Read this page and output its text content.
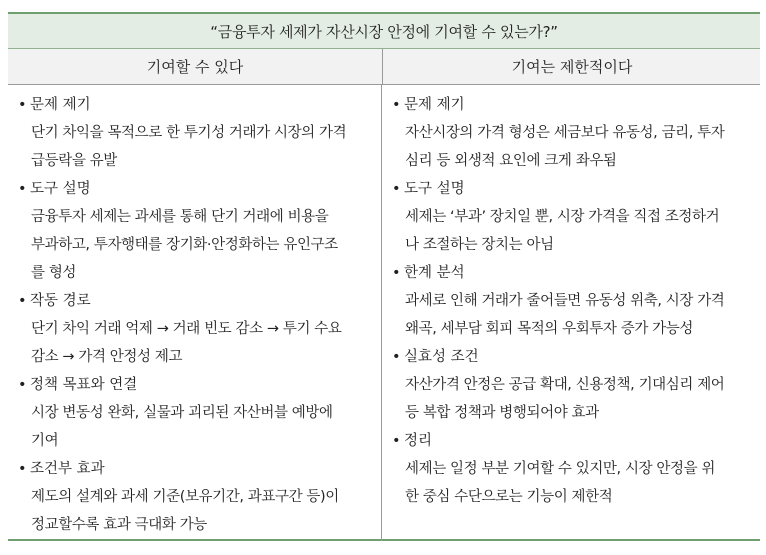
“금융투자 세제가 자산시장 안정에 기여할 수 있는가?”
기여할 수 있다	기여는 제한적이다
• 문제 제기
단기 차익을 목적으로 한 투기성 거래가 시장의 가격
급등락을 유발
• 도구 설명
금융투자 세제는 과세를 통해 단기 거래에 비용을
부과하고, 투자행태를 장기화·안정화하는 유인구조
를 형성
• 작동 경로
단기 차익 거래 억제 → 거래 빈도 감소 → 투기 수요
감소 → 가격 안정성 제고
• 정책 목표와 연결
시장 변동성 완화, 실물과 괴리된 자산버블 예방에
기여
• 조건부 효과
제도의 설계와 과세 기준(보유기간, 과표구간 등)이
정교할수록 효과 극대화 가능
• 문제 제기
자산시장의 가격 형성은 세금보다 유동성, 금리, 투자
심리 등 외생적 요인에 크게 좌우됨
• 도구 설명
세제는 ‘부과’ 장치일 뿐, 시장 가격을 직접 조정하거
나 조절하는 장치는 아님
• 한계 분석
과세로 인해 거래가 줄어들면 유동성 위축, 시장 가격
왜곡, 세부담 회피 목적의 우회투자 증가 가능성
• 실효성 조건
자산가격 안정은 공급 확대, 신용정책, 기대심리 제어
등 복합 정책과 병행되어야 효과
• 정리
세제는 일정 부분 기여할 수 있지만, 시장 안정을 위
한 중심 수단으로는 기능이 제한적
